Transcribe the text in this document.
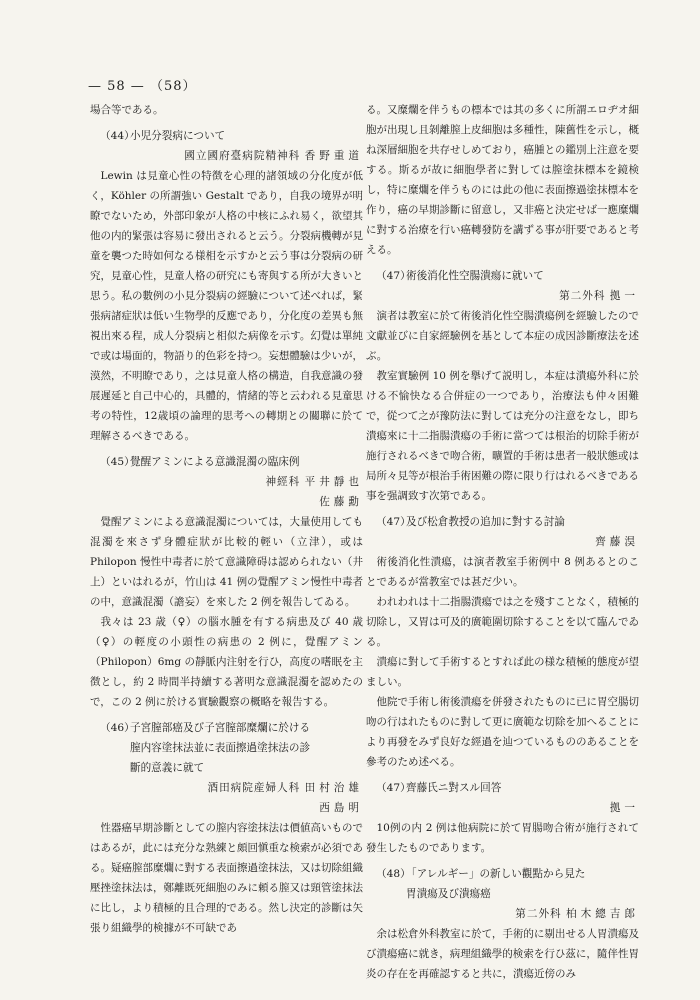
— 58 — （58）

場合等である。

（44）小児分裂病について
國立國府臺病院精神科 香野重道

Lewin は見童心性の特徴を心理的諸領域の分化度が低く，Köhler の所謂強い Gestalt であり，自我の境界が明瞭でないため，外部印象が人格の中核にふれ易く，欲望其他の内的緊張は容易に發出されると云う。分裂病機轉が見童を襲つた時如何なる様相を示すかと云う事は分裂病の研究，見童心性，見童人格の研究にも寄與する所が大きいと思う。私の數例の小見分裂病の經驗について述べれば，緊張病諸症狀は低い生物學的反應であり，分化度の差異も無視出來る程，成人分裂病と相似た病像を示す。幻覺は單純で或は場面的，物語り的色彩を持つ。妄想體驗は少いが，漠然，不明瞭であり，之は見童人格の構造，自我意識の發展遲延と自己中心的，具體的，情緒的等と云われる見童思考の特性，12歳頃の論理的思考への轉期との關聯に於て理解さるべきである。

（45）覺醒アミンによる意識混濁の臨床例
神經科 平井靜也
佐藤勳

覺醒アミンによる意識混濁については，大量使用しても混濁を來さず身體症狀が比較的輕い（立津），或はPhilopon 慢性中毒者に於て意識障碍は認められない（井上）といはれるが，竹山は 41 例の覺醒アミン慢性中毒者の中，意識混濁（譫妄）を來した 2 例を報告してゐる。

我々は 23 歳（♀）の腦水腫を有する病患及び 40 歳（♀）の輕度の小頭性の病患の 2 例に，覺醒アミン（Philopon）6mg の靜脈内注射を行ひ，高度の嗜眠を主徴とし，約 2 時間半持續する著明な意識混濁を認めたので，この 2 例に於ける實驗觀察の概略を報告する。

（46）子宮膣部癌及び子宮膣部糜爛に於ける
膣内容塗抹法並に表面擦過塗抹法の診
斷的意義に就て
酒田病院産婦人科 田村治雄
西島明

性器癌早期診斷としての膣内容塗抹法は價値高いものではあるが，此には充分な熟練と頗回愼重な検索が必須である。疑癌膣部糜爛に對する表面擦過塗抹法，又は切除組織壓挫塗抹法は，鄭離既死細胞のみに頼る膣又は頸管塗抹法に比し，より積極的且合理的である。然し決定的診斷は矢張り組織學的検據が不可缺であ

る。又糜爛を伴うもの標本では其の多くに所謂エロヂオ細胞が出現し且剝離膣上皮細胞は多種性，陳舊性を示し，概ね深層細胞を共存せしめており，癌腫との鑑別上注意を要する。斯るが故に細胞學者に對しては膣塗抹標本を鏡検し，特に糜爛を伴うものには此の他に表面擦過塗抹標本を作り，癌の早期診斷に留意し，又非癌と決定せば一應糜爛に對する治療を行い癌轉發防を講ずる事が肝要であると考える。

（47）術後消化性空腸潰瘍に就いて
第二外科 拠一

演者は教室に於て術後消化性空腸潰瘍例を經驗したので文獻並びに自家經驗例を基として本症の成因診斷療法を述ぶ。

教室實驗例 10 例を擧げて説明し，本症は潰瘍外科に於ける不愉快なる合併症の一つであり，治療法も仲々困難で，從つて之が豫防法に對しては充分の注意をなし，即ち潰瘍來に十二指腸潰瘍の手術に當つては根治的切除手術が施行されるべきで吻合術，曠置的手術は患者一般狀態或は局所々見等が根治手術困難の際に限り行はれるべきである事を强調致す次第である。

（47）及び松倉教授の追加に對する討論
齊藤淏

術後消化性潰瘍，は演者教室手術例中 8 例あるとのことであるが當教室では甚だ少い。

われわれは十二指腸潰瘍では之を殘すことなく，積極的切除し，又胃は可及的廣範圍切除することを以て臨んでゐる。

潰瘍に對して手術するとすれば此の様な積極的態度が望ましい。

他院で手術し術後潰瘍を併發されたものに已に胃空腸切吻の行はれたものに對して更に廣範な切除を加へることにより再發をみず良好な經過を辿つているもののあることを參考のため述べる。

（47）齊藤氏ニ對スル回答
拠一

10例の内 2 例は他病院に於て胃腸吻合術が施行されて發生したものであります。

（48）「アレルギー」の新しい觀點から見た
胃潰瘍及び潰瘍癌
第二外科 柏木總吉郎

余は松倉外科教室に於て，手術的に剔出せる人胃潰瘍及び潰瘍癌に就き，病理組織學的検索を行ひ茲に，隨伴性胃炎の存在を再確認すると共に，潰瘍近傍のみ
